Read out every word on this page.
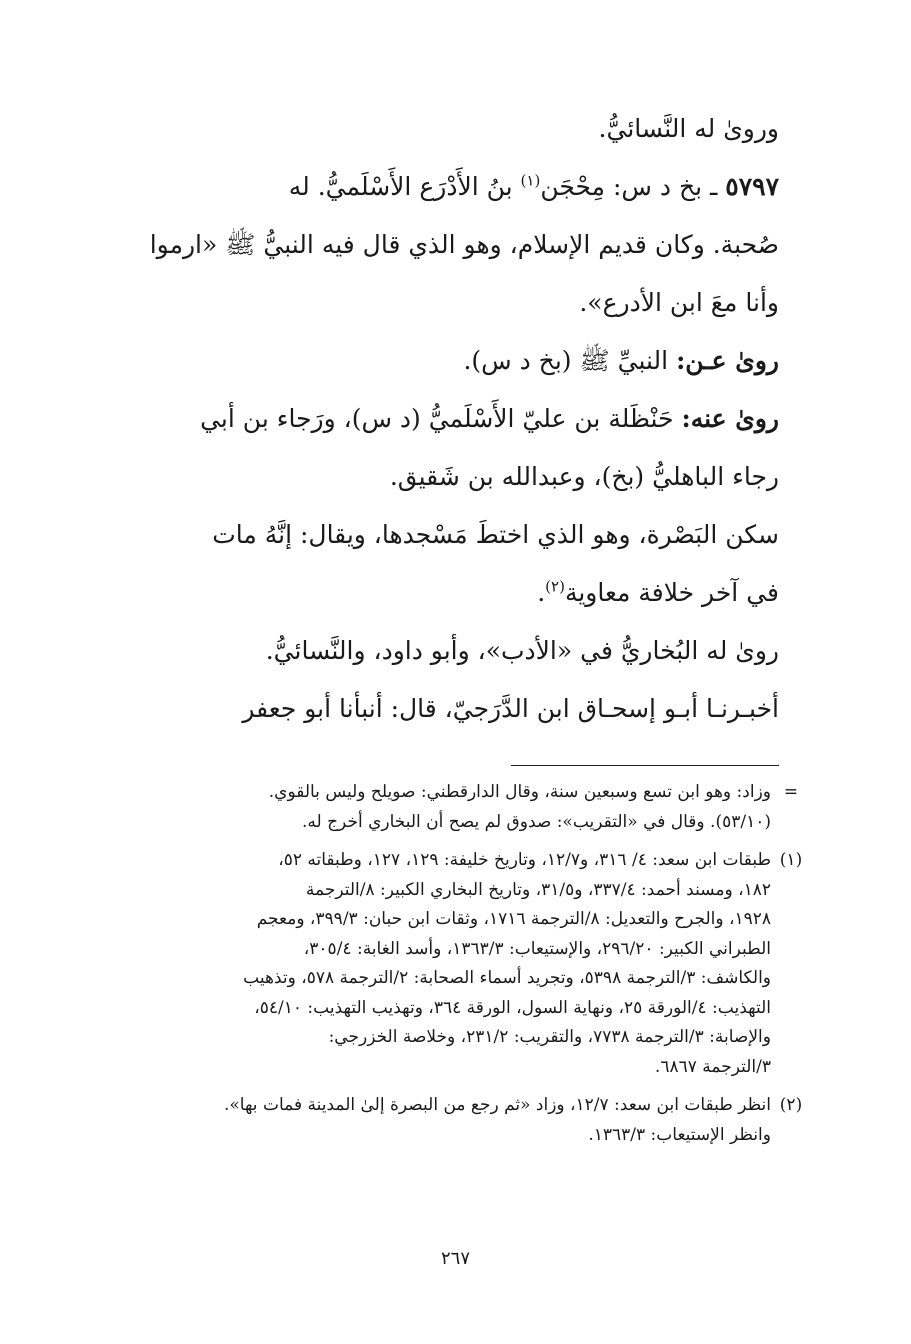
ورویٰ له النَّسائيُّ.

٥٧٩٧ ـ بخ د س: مِحْجَن$^{(١)}$ بنُ الأَدْرَع الأَسْلَميُّ. له

صُحبة. وكان قديم الإسلام، وهو الذي قال فيه النبيُّ ﷺ «ارموا

وأنا معَ ابن الأدرع».

رویٰ عـن: النبيِّ ﷺ (بخ د س).

رویٰ عنه: حَنْظَلة بن عليّ الأَسْلَميُّ (د س)، ورَجاء بن أبي

رجاء الباهليُّ (بخ)، وعبدالله بن شَقيق.

سكن البَصْرة، وهو الذي اختطَ مَسْجدها، ويقال: إنَّهُ مات

في آخر خلافة معاوية$^{(٢)}$.

رویٰ له البُخاريُّ في «الأدب»، وأبو داود، والنَّسائيُّ.

أخبـرنـا أبـو إسحـاق ابن الدَّرَجيّ، قال: أنبأنا أبو جعفر

=
وزاد: وهو ابن تسع وسبعين سنة، وقال الدارقطني: صويلح وليس بالقوي.
(٥٣/١٠). وقال في «التقريب»: صدوق لم يصح أن البخاري أخرج له.
(١)
طبقات ابن سعد: ٤/ ٣١٦، و١٢/٧، وتاريخ خليفة: ١٢٩، ١٢٧، وطبقاته ٥٢،
١٨٢، ومسند أحمد: ٣٣٧/٤، و٣١/٥، وتاريخ البخاري الكبير: ٨/الترجمة
١٩٢٨، والجرح والتعديل: ٨/الترجمة ١٧١٦، وثقات ابن حبان: ٣٩٩/٣، ومعجم
الطبراني الكبير: ٢٩٦/٢٠، والإستيعاب: ١٣٦٣/٣، وأسد الغابة: ٣٠٥/٤،
والكاشف: ٣/الترجمة ٥٣٩٨، وتجريد أسماء الصحابة: ٢/الترجمة ٥٧٨، وتذهيب
التهذيب: ٤/الورقة ٢٥، ونهاية السول، الورقة ٣٦٤، وتهذيب التهذيب: ٥٤/١٠،
والإصابة: ٣/الترجمة ٧٧٣٨، والتقريب: ٢٣١/٢، وخلاصة الخزرجي:
٣/الترجمة ٦٨٦٧.
(٢)
انظر طبقات ابن سعد: ١٢/٧، وزاد «ثم رجع من البصرة إلىٰ المدينة فمات بها».
وانظر الإستيعاب: ١٣٦٣/٣.
٢٦٧
